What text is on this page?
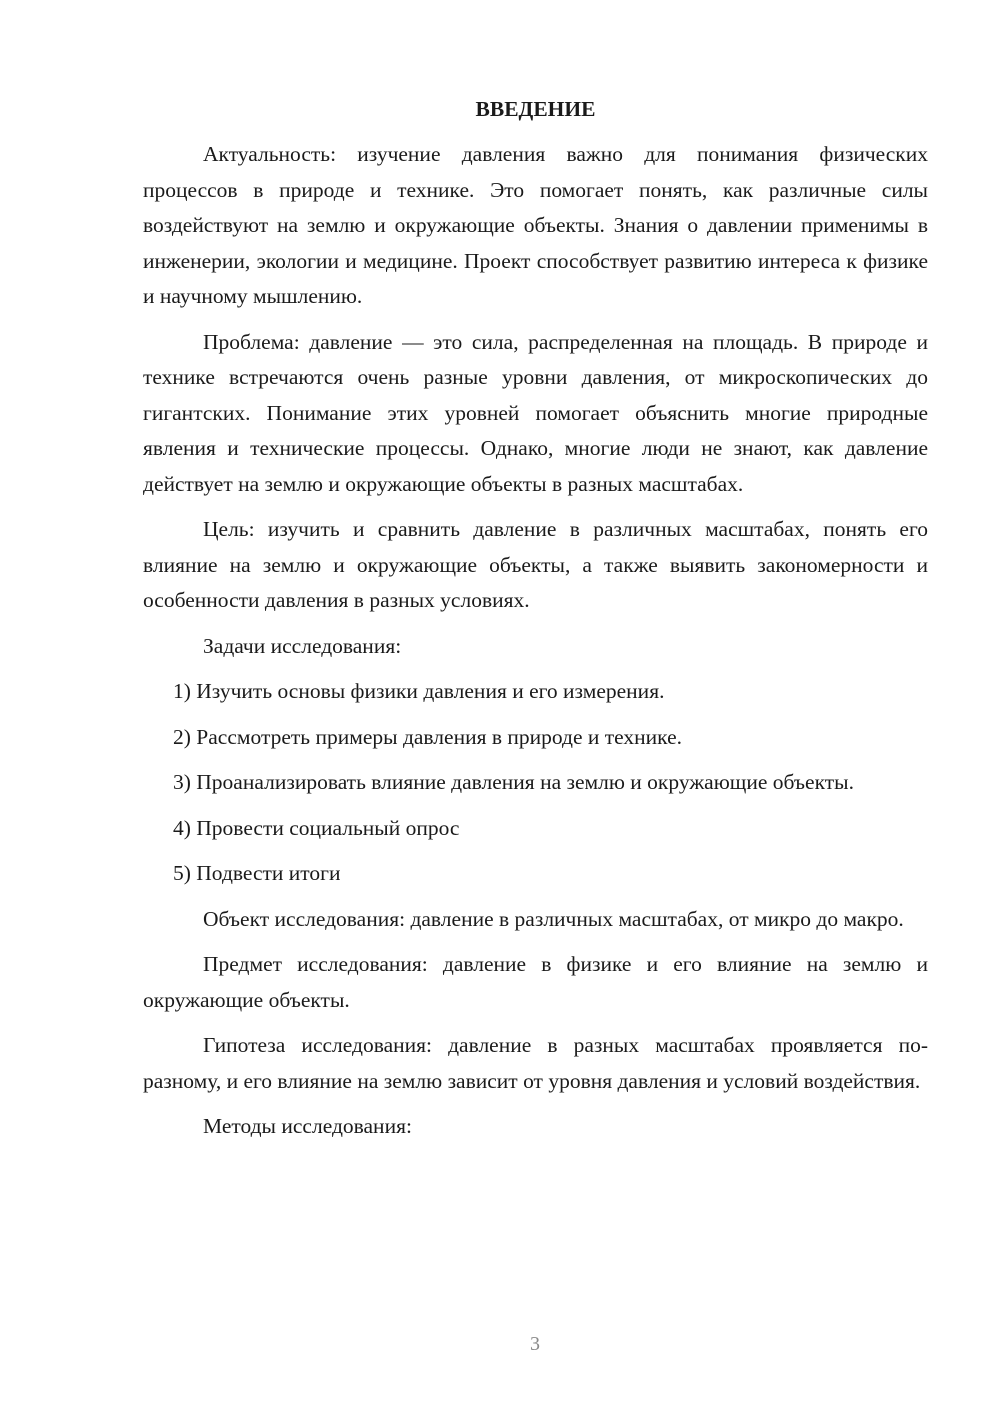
ВВЕДЕНИЕ

Актуальность: изучение давления важно для понимания физических процессов в природе и технике. Это помогает понять, как различные силы воздействуют на землю и окружающие объекты. Знания о давлении применимы в инженерии, экологии и медицине. Проект способствует развитию интереса к физике и научному мышлению.

Проблема: давление — это сила, распределенная на площадь. В природе и технике встречаются очень разные уровни давления, от микроскопических до гигантских. Понимание этих уровней помогает объяснить многие природные явления и технические процессы. Однако, многие люди не знают, как давление действует на землю и окружающие объекты в разных масштабах.

Цель: изучить и сравнить давление в различных масштабах, понять его влияние на землю и окружающие объекты, а также выявить закономерности и особенности давления в разных условиях.

Задачи исследования:

1) Изучить основы физики давления и его измерения.

2) Рассмотреть примеры давления в природе и технике.

3) Проанализировать влияние давления на землю и окружающие объекты.

4) Провести социальный опрос

5) Подвести итоги

Объект исследования: давление в различных масштабах, от микро до макро.

Предмет исследования: давление в физике и его влияние на землю и окружающие объекты.

Гипотеза исследования: давление в разных масштабах проявляется по-разному, и его влияние на землю зависит от уровня давления и условий воздействия.

Методы исследования:

3
